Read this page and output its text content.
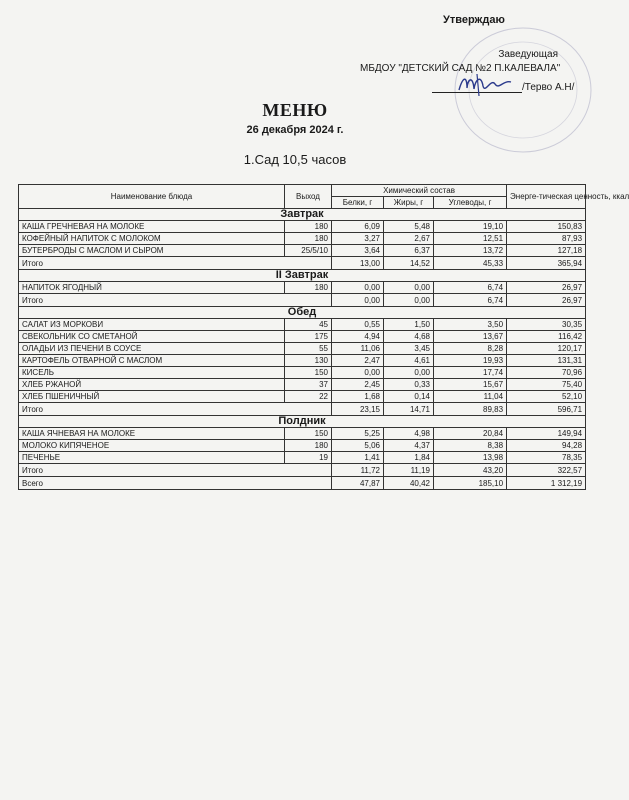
Утверждаю
Заведующая
МБДОУ "ДЕТСКИЙ САД №2 П.КАЛЕВАЛА"
/Терво А.Н/
МЕНЮ
26 декабря 2024 г.
1.Сад 10,5 часов
Наименование блюда	Выход	Химический состав			Энерге-тическая ценность, ккал
		Белки, г	Жиры, г	Углеводы, г	
Завтрак					
КАША ГРЕЧНЕВАЯ НА МОЛОКЕ	180	6,09	5,48	19,10	150,83
КОФЕЙНЫЙ НАПИТОК С МОЛОКОМ	180	3,27	2,67	12,51	87,93
БУТЕРБРОДЫ С МАСЛОМ И СЫРОМ	25/5/10	3,64	6,37	13,72	127,18
Итого		13,00	14,52	45,33	365,94
II Завтрак					
НАПИТОК ЯГОДНЫЙ	180	0,00	0,00	6,74	26,97
Итого		0,00	0,00	6,74	26,97
Обед					
САЛАТ ИЗ МОРКОВИ	45	0,55	1,50	3,50	30,35
СВЕКОЛЬНИК СО СМЕТАНОЙ	175	4,94	4,68	13,67	116,42
ОЛАДЬИ ИЗ ПЕЧЕНИ В СОУСЕ	55	11,06	3,45	8,28	120,17
КАРТОФЕЛЬ ОТВАРНОЙ С МАСЛОМ	130	2,47	4,61	19,93	131,31
КИСЕЛЬ	150	0,00	0,00	17,74	70,96
ХЛЕБ РЖАНОЙ	37	2,45	0,33	15,67	75,40
ХЛЕБ ПШЕНИЧНЫЙ	22	1,68	0,14	11,04	52,10
Итого		23,15	14,71	89,83	596,71
Полдник					
КАША ЯЧНЕВАЯ НА МОЛОКЕ	150	5,25	4,98	20,84	149,94
МОЛОКО КИПЯЧЕНОЕ	180	5,06	4,37	8,38	94,28
ПЕЧЕНЬЕ	19	1,41	1,84	13,98	78,35
Итого		11,72	11,19	43,20	322,57
Всего		47,87	40,42	185,10	1 312,19
